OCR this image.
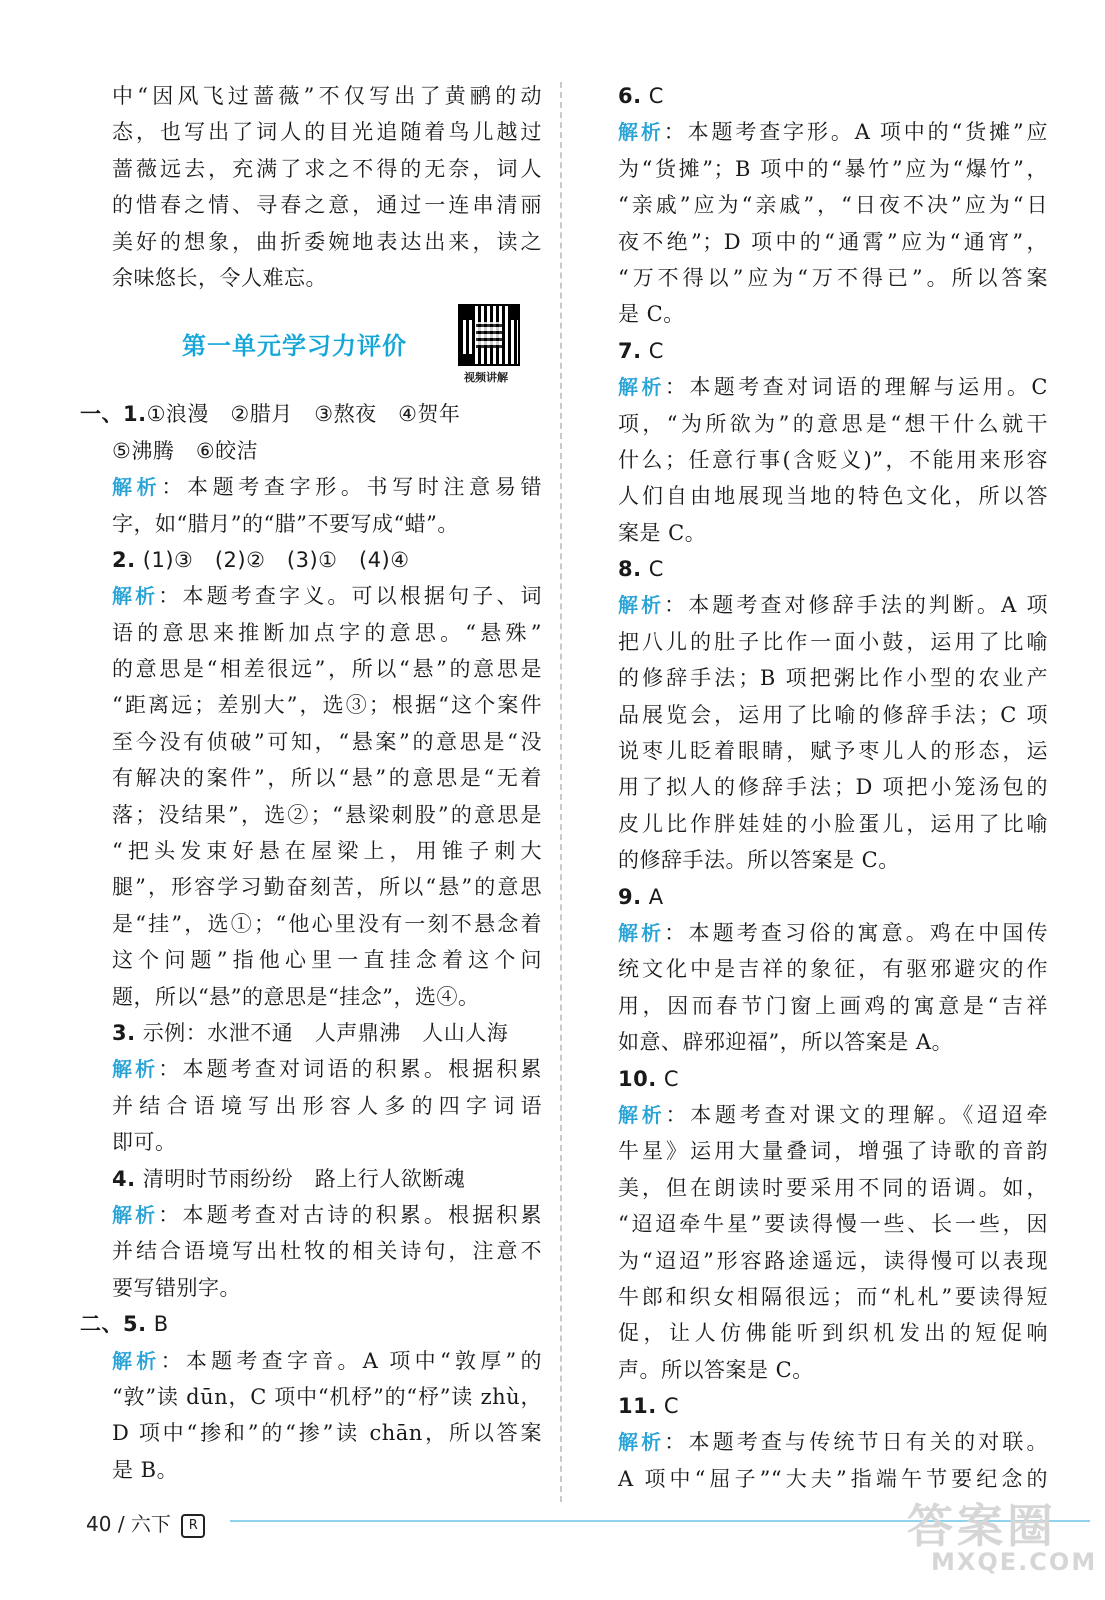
中“因风飞过蔷薇”不仅写出了黄鹂的动
态，也写出了词人的目光追随着鸟儿越过
蔷薇远去，充满了求之不得的无奈，词人
的惜春之情、寻春之意，通过一连串清丽
美好的想象，曲折委婉地表达出来，读之
余味悠长，令人难忘。
第一单元学习力评价
视频讲解
一、1.①浪漫　②腊月　③熬夜　④贺年
⑤沸腾　⑥皎洁
解析：本题考查字形。书写时注意易错
字，如“腊月”的“腊”不要写成“蜡”。
2. (1)③　(2)②　(3)①　(4)④
解析：本题考查字义。可以根据句子、词
语的意思来推断加点字的意思。“悬殊”
的意思是“相差很远”，所以“悬”的意思是
“距离远；差别大”，选③；根据“这个案件
至今没有侦破”可知，“悬案”的意思是“没
有解决的案件”，所以“悬”的意思是“无着
落；没结果”，选②；“悬梁刺股”的意思是
“把头发束好悬在屋梁上，用锥子刺大
腿”，形容学习勤奋刻苦，所以“悬”的意思
是“挂”，选①；“他心里没有一刻不悬念着
这个问题”指他心里一直挂念着这个问
题，所以“悬”的意思是“挂念”，选④。
3. 示例：水泄不通　人声鼎沸　人山人海
解析：本题考查对词语的积累。根据积累
并结合语境写出形容人多的四字词语
即可。
4. 清明时节雨纷纷　路上行人欲断魂
解析：本题考查对古诗的积累。根据积累
并结合语境写出杜牧的相关诗句，注意不
要写错别字。
二、5. B
解析：本题考查字音。A 项中“敦厚”的
“敦”读 dūn，C 项中“机杼”的“杼”读 zhù，
D 项中“掺和”的“掺”读 chān，所以答案
是 B。
6. C
解析：本题考查字形。A 项中的“货摊”应
为“货摊”；B 项中的“暴竹”应为“爆竹”，
“亲戚”应为“亲戚”，“日夜不决”应为“日
夜不绝”；D 项中的“通霄”应为“通宵”，
“万不得以”应为“万不得已”。所以答案
是 C。
7. C
解析：本题考查对词语的理解与运用。C
项，“为所欲为”的意思是“想干什么就干
什么；任意行事(含贬义)”，不能用来形容
人们自由地展现当地的特色文化，所以答
案是 C。
8. C
解析：本题考查对修辞手法的判断。A 项
把八儿的肚子比作一面小鼓，运用了比喻
的修辞手法；B 项把粥比作小型的农业产
品展览会，运用了比喻的修辞手法；C 项
说枣儿眨着眼睛，赋予枣儿人的形态，运
用了拟人的修辞手法；D 项把小笼汤包的
皮儿比作胖娃娃的小脸蛋儿，运用了比喻
的修辞手法。所以答案是 C。
9. A
解析：本题考查习俗的寓意。鸡在中国传
统文化中是吉祥的象征，有驱邪避灾的作
用，因而春节门窗上画鸡的寓意是“吉祥
如意、辟邪迎福”，所以答案是 A。
10. C
解析：本题考查对课文的理解。《迢迢牵
牛星》运用大量叠词，增强了诗歌的音韵
美，但在朗读时要采用不同的语调。如，
“迢迢牵牛星”要读得慢一些、长一些，因
为“迢迢”形容路途遥远，读得慢可以表现
牛郎和织女相隔很远；而“札札”要读得短
促，让人仿佛能听到织机发出的短促响
声。所以答案是 C。
11. C
解析：本题考查与传统节日有关的对联。
A 项中“屈子”“大夫”指端午节要纪念的
40 / 六下 R	答案圈
MXQE.COM
